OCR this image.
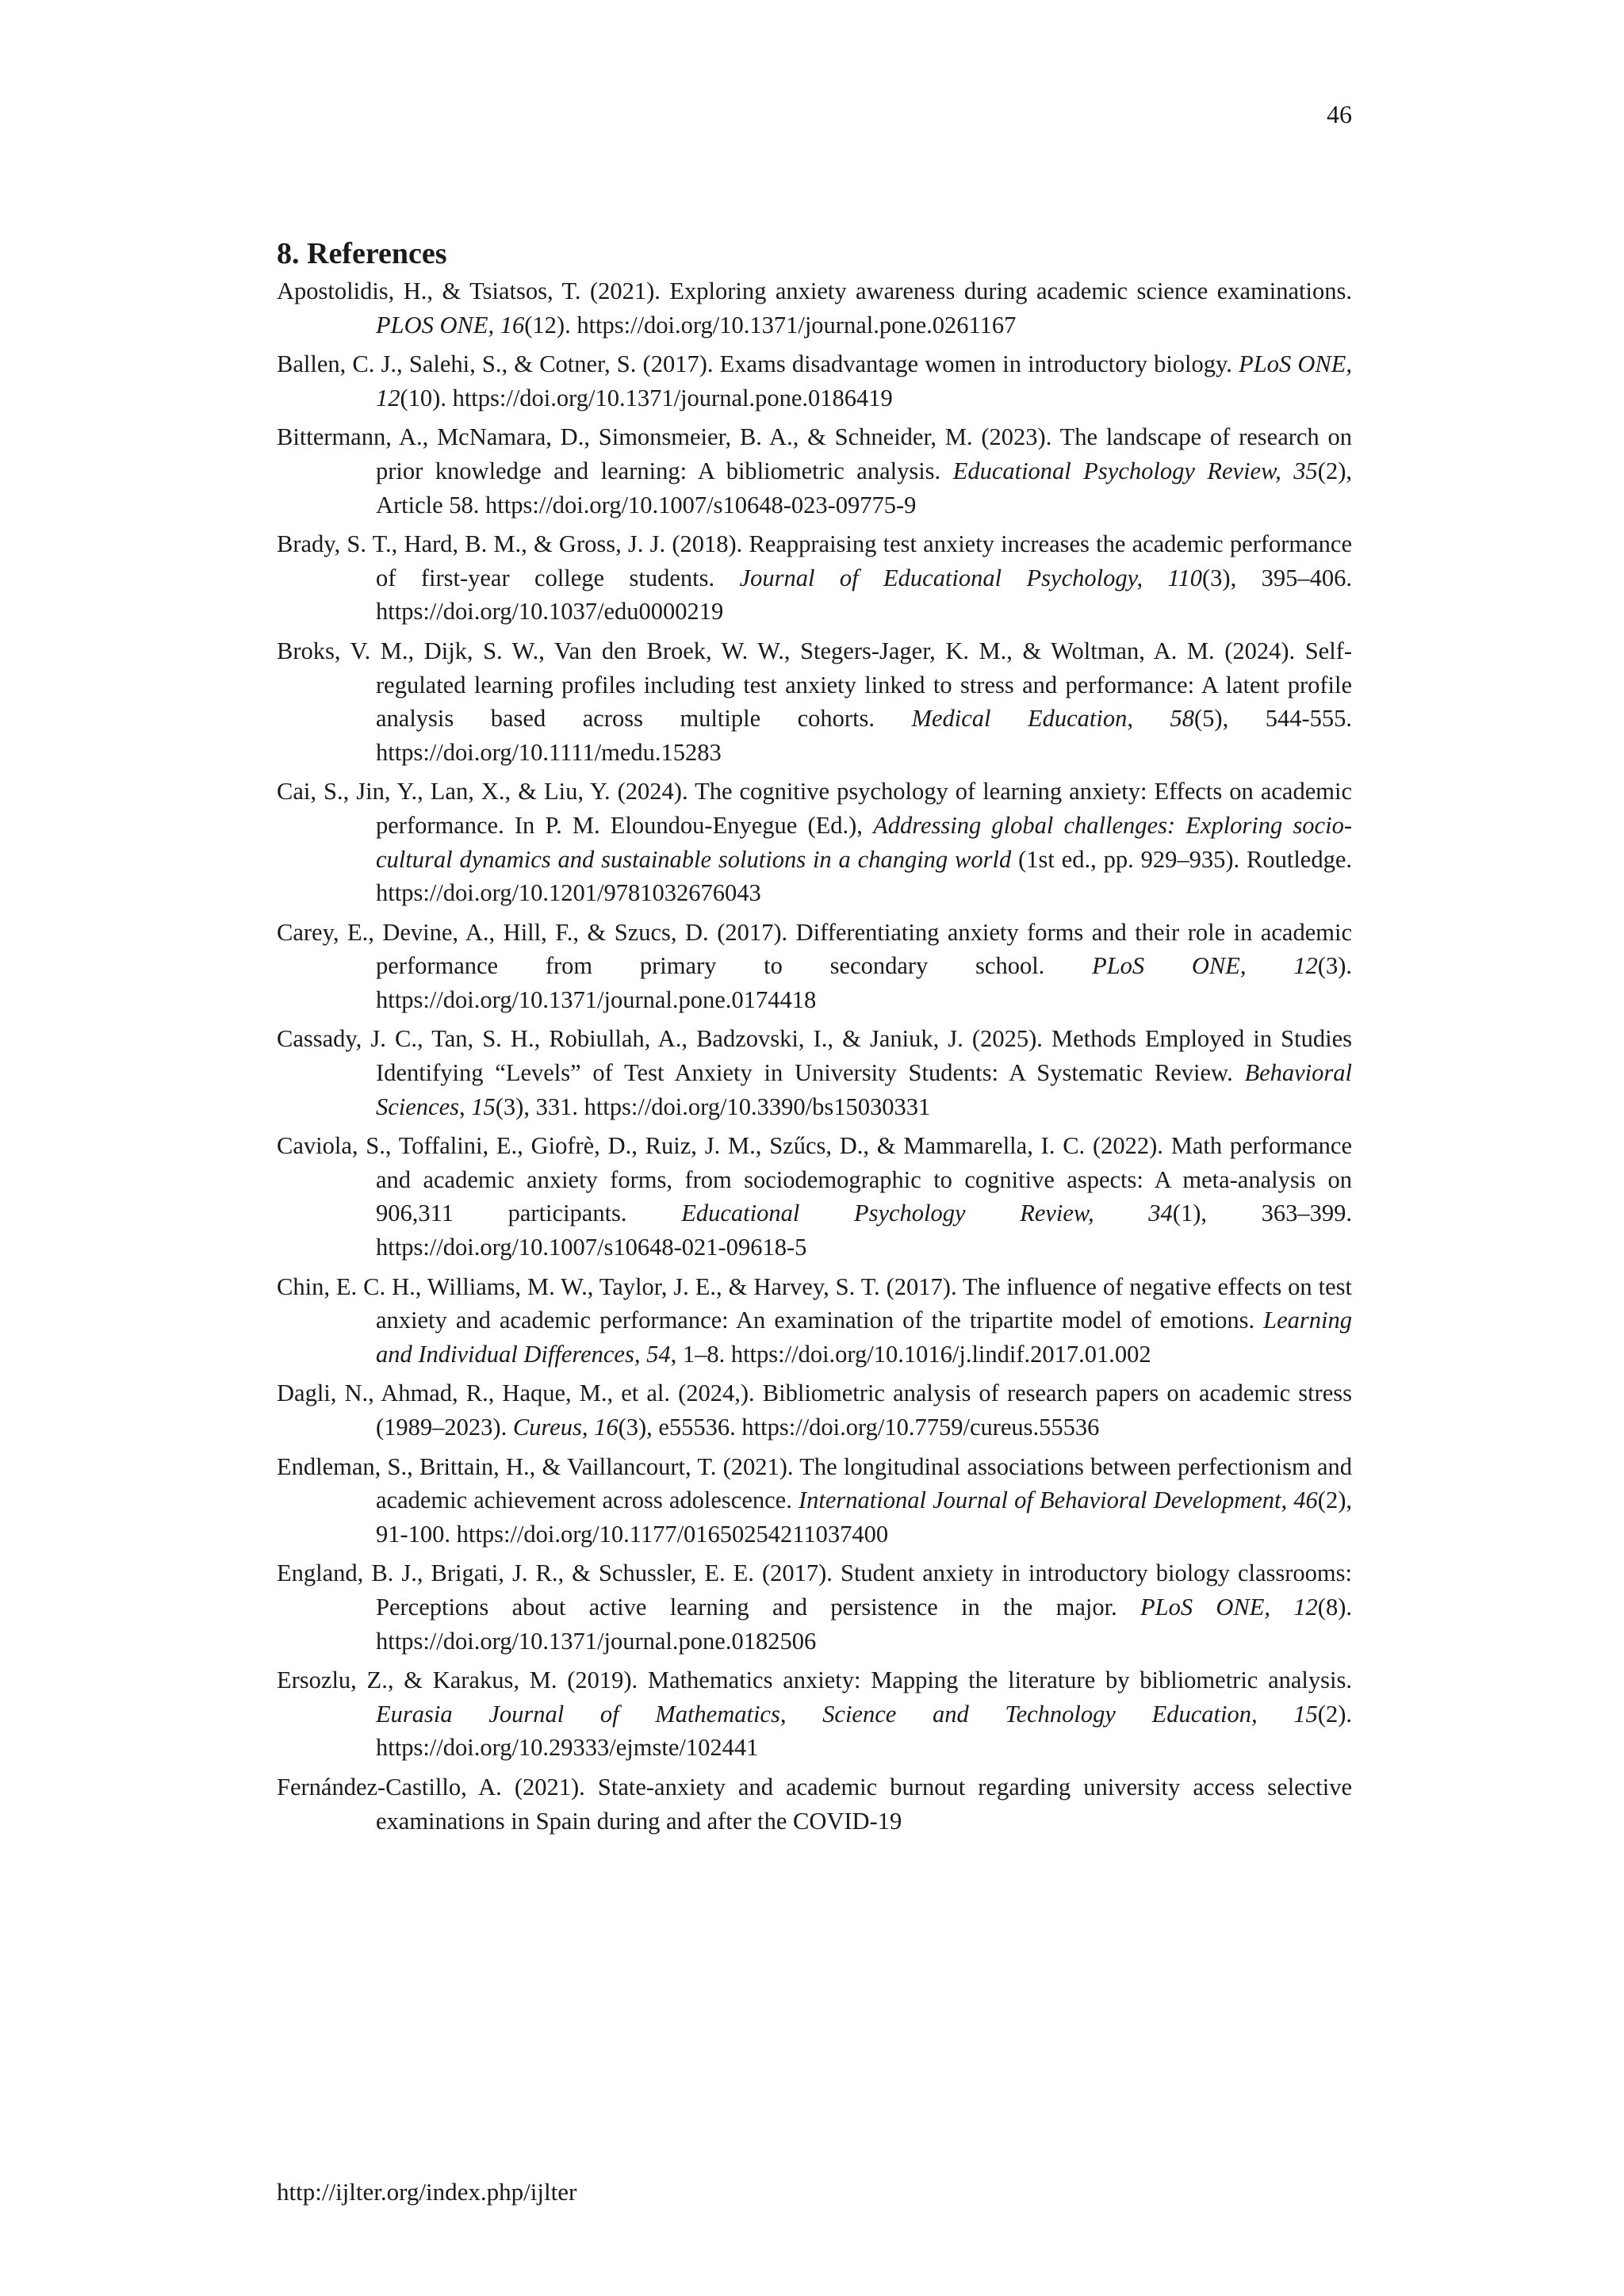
46
8. References
Apostolidis, H., & Tsiatsos, T. (2021). Exploring anxiety awareness during academic science examinations. PLOS ONE, 16(12). https://doi.org/10.1371/journal.pone.0261167
Ballen, C. J., Salehi, S., & Cotner, S. (2017). Exams disadvantage women in introductory biology. PLoS ONE, 12(10). https://doi.org/10.1371/journal.pone.0186419
Bittermann, A., McNamara, D., Simonsmeier, B. A., & Schneider, M. (2023). The landscape of research on prior knowledge and learning: A bibliometric analysis. Educational Psychology Review, 35(2), Article 58. https://doi.org/10.1007/s10648-023-09775-9
Brady, S. T., Hard, B. M., & Gross, J. J. (2018). Reappraising test anxiety increases the academic performance of first-year college students. Journal of Educational Psychology, 110(3), 395–406. https://doi.org/10.1037/edu0000219
Broks, V. M., Dijk, S. W., Van den Broek, W. W., Stegers-Jager, K. M., & Woltman, A. M. (2024). Self-regulated learning profiles including test anxiety linked to stress and performance: A latent profile analysis based across multiple cohorts. Medical Education, 58(5), 544-555. https://doi.org/10.1111/medu.15283
Cai, S., Jin, Y., Lan, X., & Liu, Y. (2024). The cognitive psychology of learning anxiety: Effects on academic performance. In P. M. Eloundou-Enyegue (Ed.), Addressing global challenges: Exploring socio-cultural dynamics and sustainable solutions in a changing world (1st ed., pp. 929–935). Routledge. https://doi.org/10.1201/9781032676043
Carey, E., Devine, A., Hill, F., & Szucs, D. (2017). Differentiating anxiety forms and their role in academic performance from primary to secondary school. PLoS ONE, 12(3). https://doi.org/10.1371/journal.pone.0174418
Cassady, J. C., Tan, S. H., Robiullah, A., Badzovski, I., & Janiuk, J. (2025). Methods Employed in Studies Identifying “Levels” of Test Anxiety in University Students: A Systematic Review. Behavioral Sciences, 15(3), 331. https://doi.org/10.3390/bs15030331
Caviola, S., Toffalini, E., Giofrè, D., Ruiz, J. M., Szűcs, D., & Mammarella, I. C. (2022). Math performance and academic anxiety forms, from sociodemographic to cognitive aspects: A meta-analysis on 906,311 participants. Educational Psychology Review, 34(1), 363–399. https://doi.org/10.1007/s10648-021-09618-5
Chin, E. C. H., Williams, M. W., Taylor, J. E., & Harvey, S. T. (2017). The influence of negative effects on test anxiety and academic performance: An examination of the tripartite model of emotions. Learning and Individual Differences, 54, 1–8. https://doi.org/10.1016/j.lindif.2017.01.002
Dagli, N., Ahmad, R., Haque, M., et al. (2024,). Bibliometric analysis of research papers on academic stress (1989–2023). Cureus, 16(3), e55536. https://doi.org/10.7759/cureus.55536
Endleman, S., Brittain, H., & Vaillancourt, T. (2021). The longitudinal associations between perfectionism and academic achievement across adolescence. International Journal of Behavioral Development, 46(2), 91-100. https://doi.org/10.1177/01650254211037400
England, B. J., Brigati, J. R., & Schussler, E. E. (2017). Student anxiety in introductory biology classrooms: Perceptions about active learning and persistence in the major. PLoS ONE, 12(8). https://doi.org/10.1371/journal.pone.0182506
Ersozlu, Z., & Karakus, M. (2019). Mathematics anxiety: Mapping the literature by bibliometric analysis. Eurasia Journal of Mathematics, Science and Technology Education, 15(2). https://doi.org/10.29333/ejmste/102441
Fernández-Castillo, A. (2021). State-anxiety and academic burnout regarding university access selective examinations in Spain during and after the COVID-19
http://ijlter.org/index.php/ijlter
